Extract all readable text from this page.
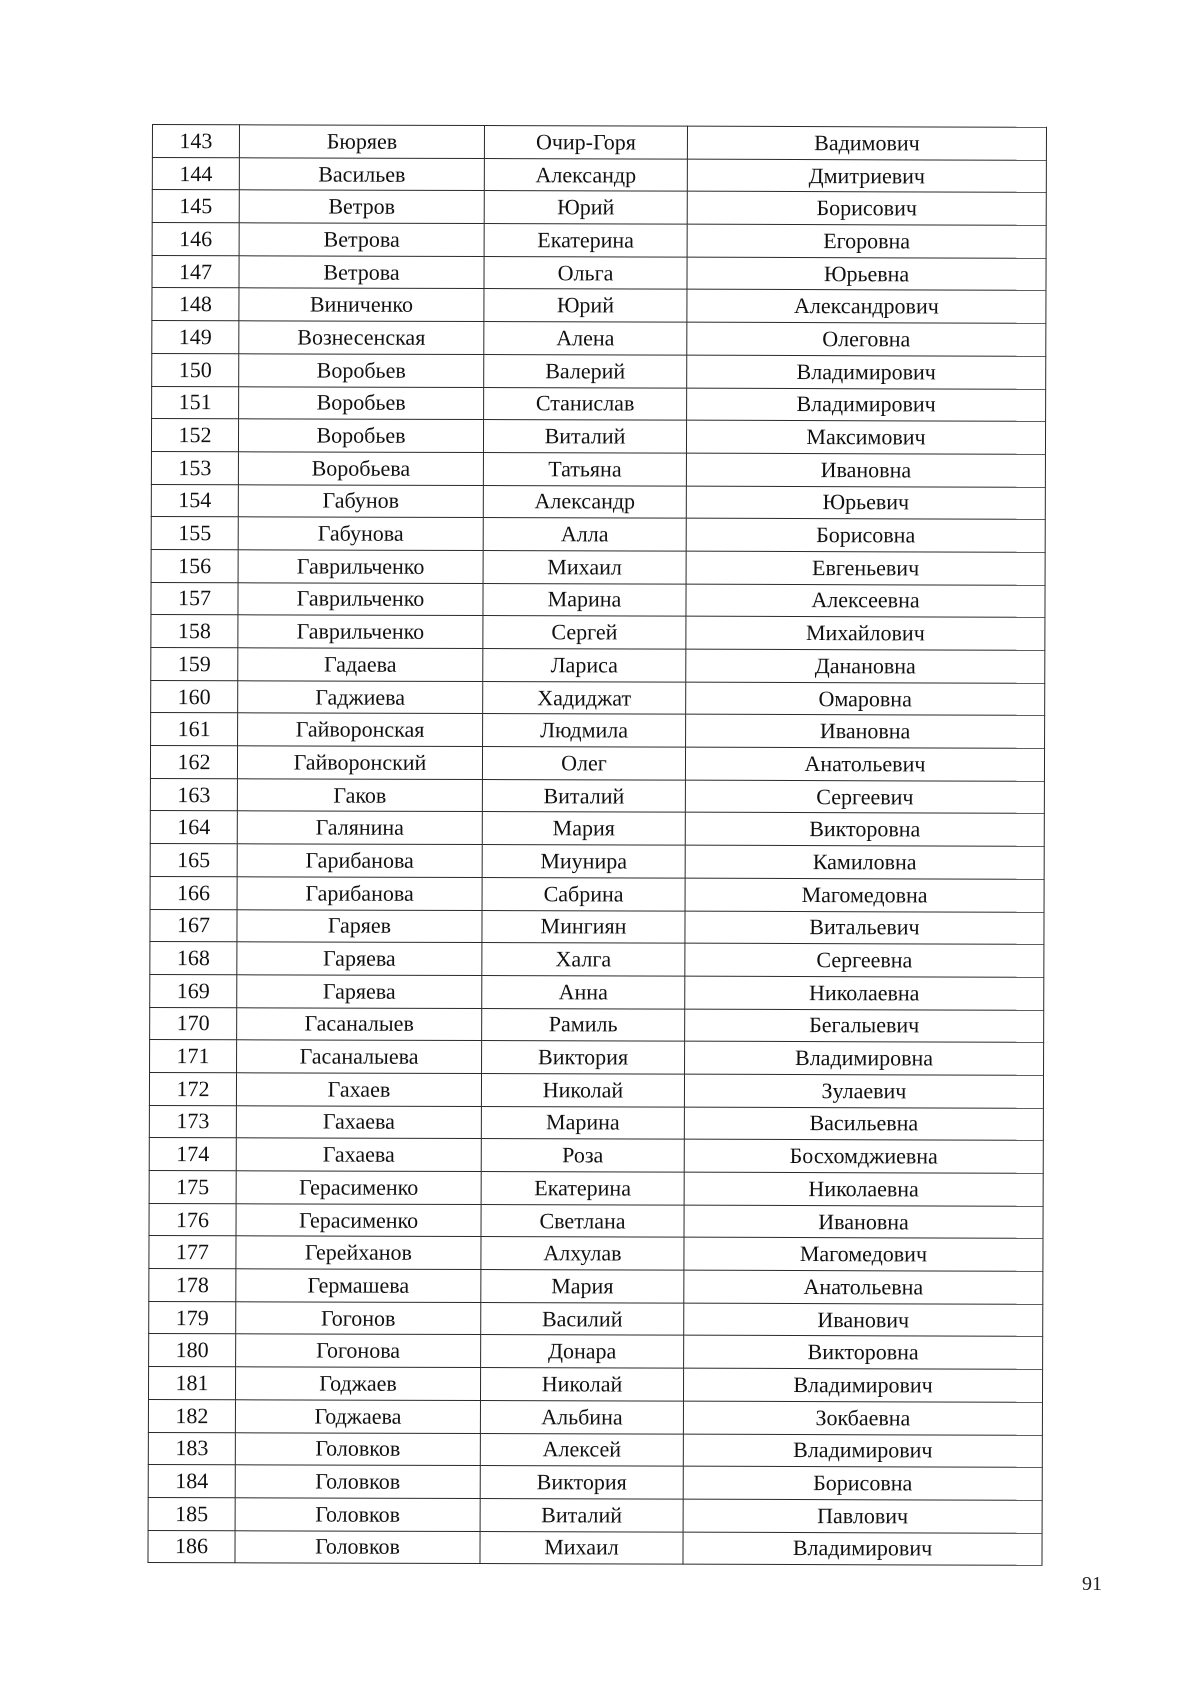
143	Бюряев	Очир-Горя	Вадимович
144	Васильев	Александр	Дмитриевич
145	Ветров	Юрий	Борисович
146	Ветрова	Екатерина	Егоровна
147	Ветрова	Ольга	Юрьевна
148	Виниченко	Юрий	Александрович
149	Вознесенская	Алена	Олеговна
150	Воробьев	Валерий	Владимирович
151	Воробьев	Станислав	Владимирович
152	Воробьев	Виталий	Максимович
153	Воробьева	Татьяна	Ивановна
154	Габунов	Александр	Юрьевич
155	Габунова	Алла	Борисовна
156	Гаврильченко	Михаил	Евгеньевич
157	Гаврильченко	Марина	Алексеевна
158	Гаврильченко	Сергей	Михайлович
159	Гадаева	Лариса	Данановна
160	Гаджиева	Хадиджат	Омаровна
161	Гайворонская	Людмила	Ивановна
162	Гайворонский	Олег	Анатольевич
163	Гаков	Виталий	Сергеевич
164	Галянина	Мария	Викторовна
165	Гарибанова	Миунира	Камиловна
166	Гарибанова	Сабрина	Магомедовна
167	Гаряев	Мингиян	Витальевич
168	Гаряева	Халга	Сергеевна
169	Гаряева	Анна	Николаевна
170	Гасаналыев	Рамиль	Бегалыевич
171	Гасаналыева	Виктория	Владимировна
172	Гахаев	Николай	Зулаевич
173	Гахаева	Марина	Васильевна
174	Гахаева	Роза	Босхомджиевна
175	Герасименко	Екатерина	Николаевна
176	Герасименко	Светлана	Ивановна
177	Герейханов	Алхулав	Магомедович
178	Гермашева	Мария	Анатольевна
179	Гогонов	Василий	Иванович
180	Гогонова	Донара	Викторовна
181	Годжаев	Николай	Владимирович
182	Годжаева	Альбина	Зокбаевна
183	Головков	Алексей	Владимирович
184	Головков	Виктория	Борисовна
185	Головков	Виталий	Павлович
186	Головков	Михаил	Владимирович
91
